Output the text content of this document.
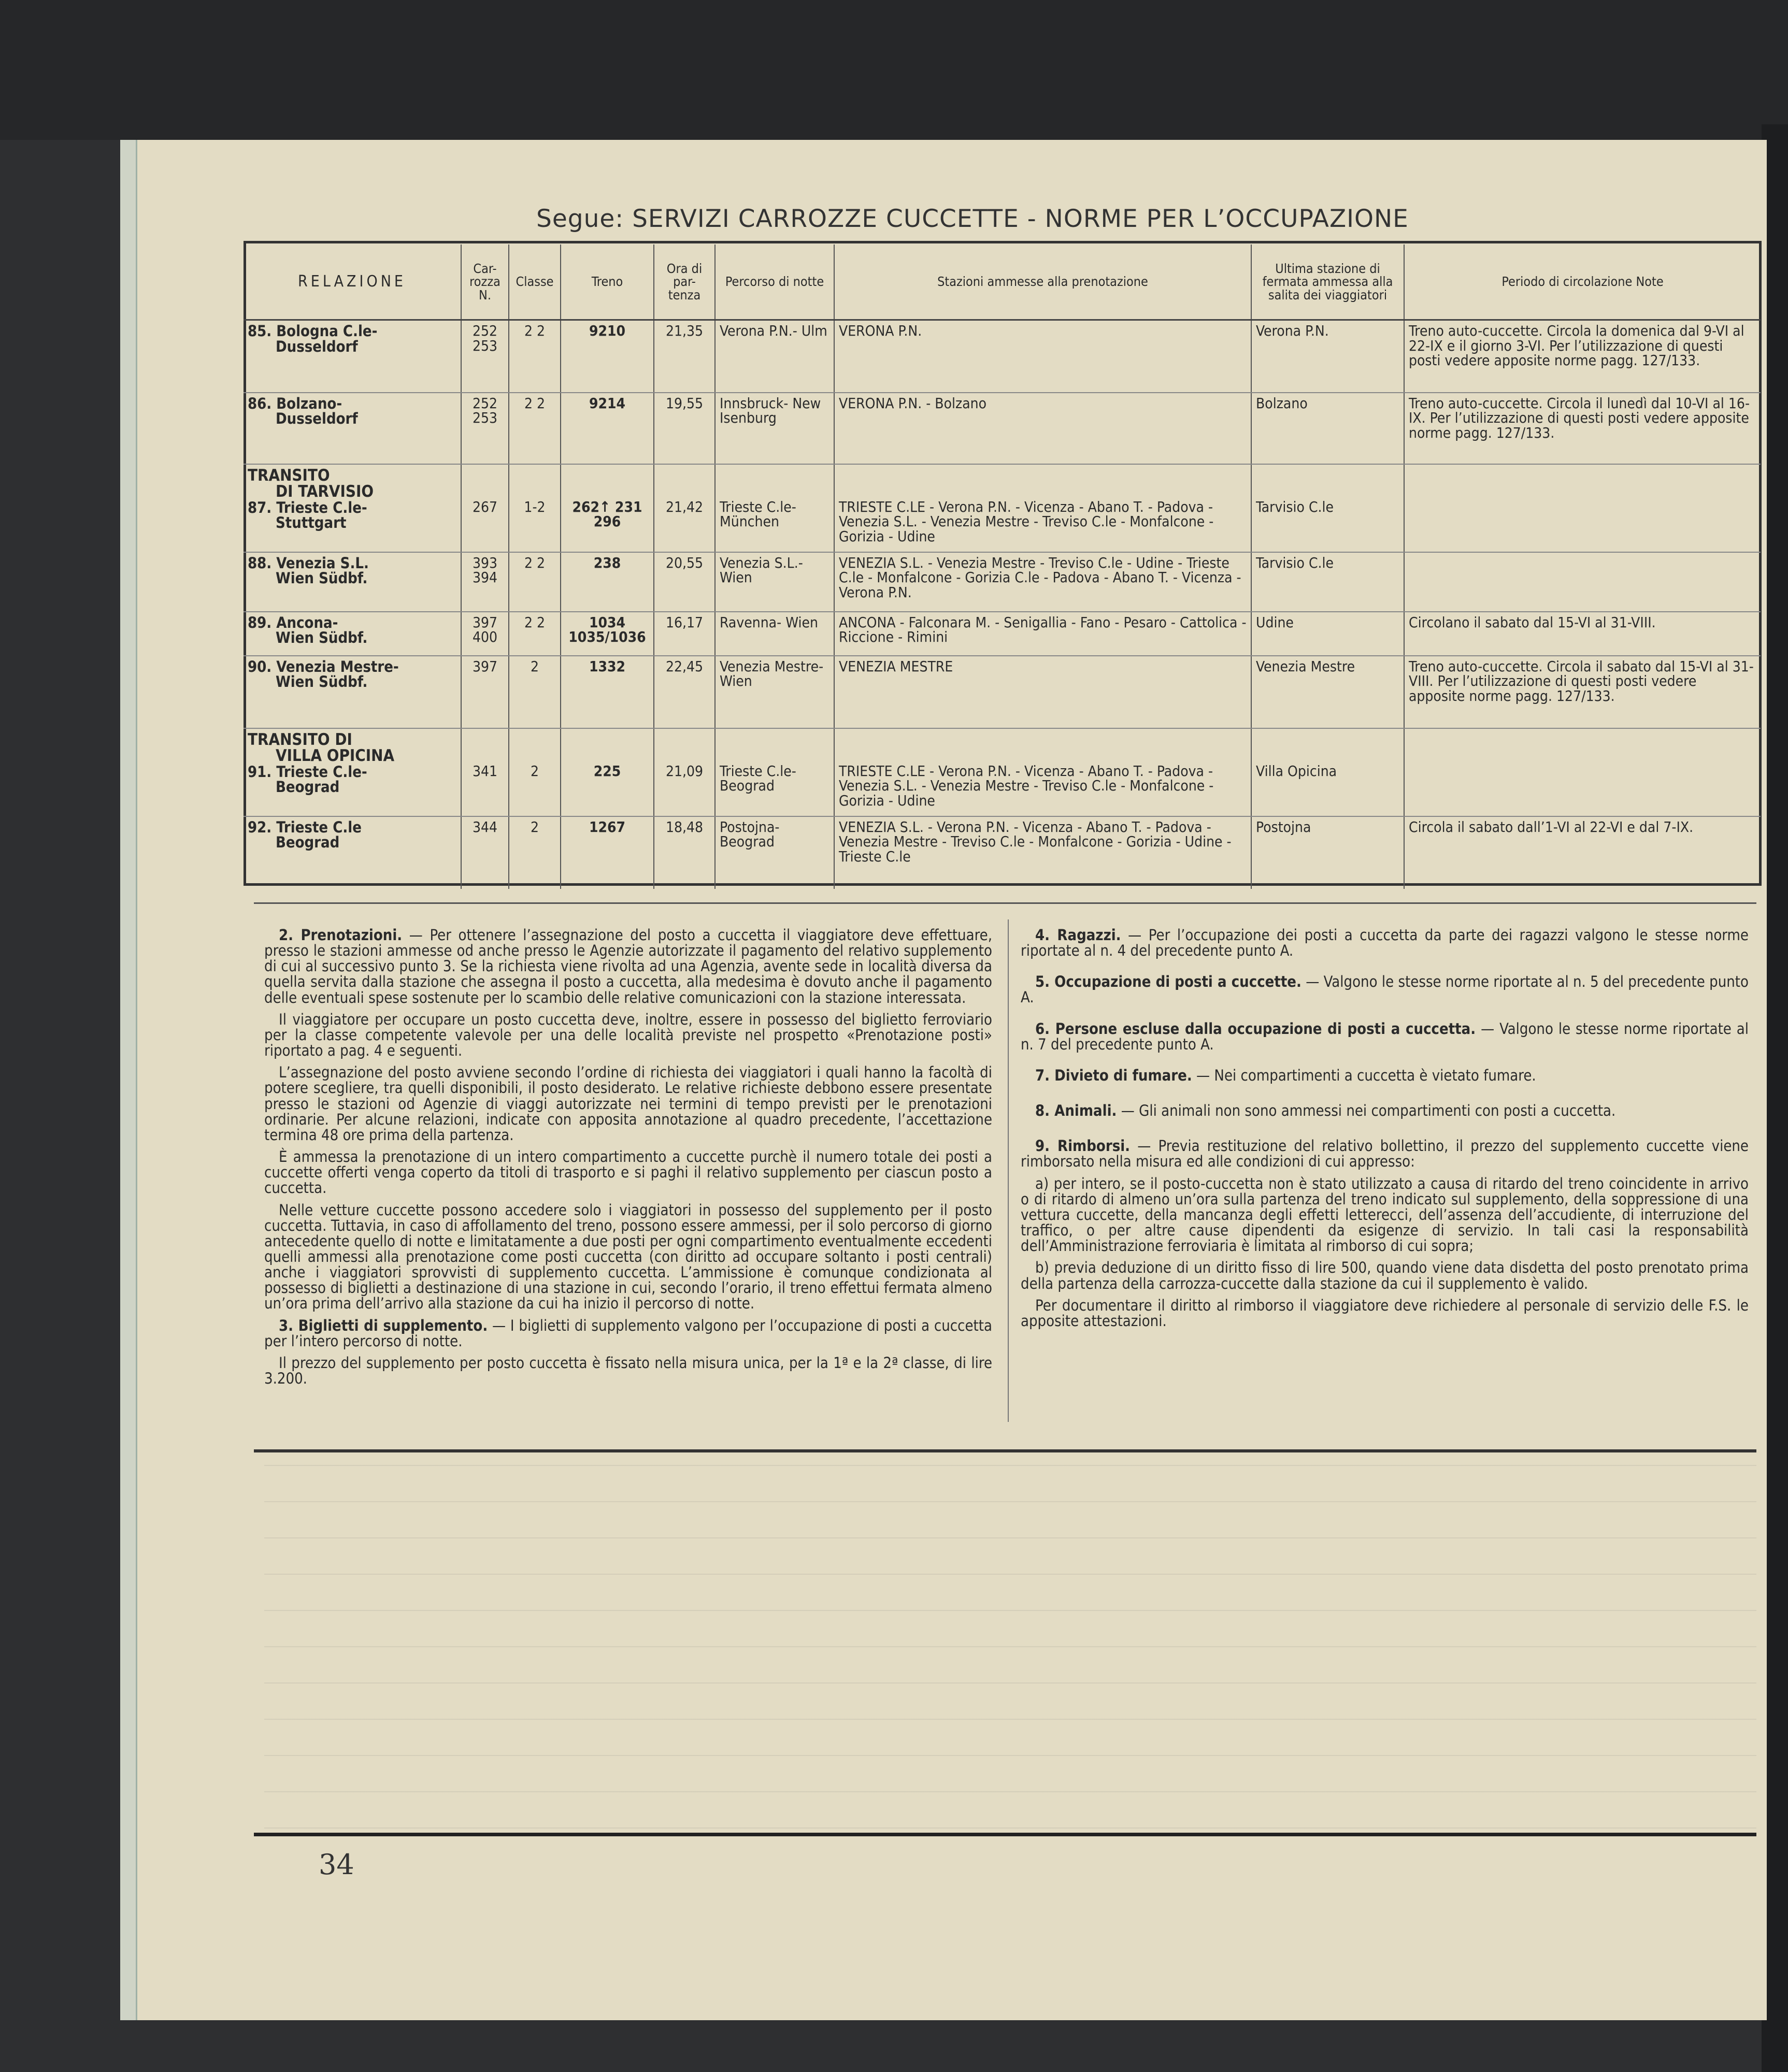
Segue: SERVIZI CARROZZE CUCCETTE - NORME PER L’OCCUPAZIONE
RELAZIONE	Car-rozza N.	Classe	Treno	Ora di par-tenza	Percorso di notte	Stazioni ammesse alla prenotazione	Ultima stazione di fermata ammessa alla salita dei viaggiatori	Periodo di circolazione Note
85. Bologna C.le-
Dusseldorf	252 253	2 2	9210	21,35	Verona P.N.- Ulm	VERONA P.N.	Verona P.N.	Treno auto-cuccette. Circola la domenica dal 9-VI al 22-IX e il giorno 3-VI. Per l’utilizzazione di questi posti vedere apposite norme pagg. 127/133.
86. Bolzano-
Dusseldorf	252 253	2 2	9214	19,55	Innsbruck- New Isenburg	VERONA P.N. - Bolzano	Bolzano	Treno auto-cuccette. Circola il lunedì dal 10-VI al 16-IX. Per l’utilizzazione di questi posti vedere apposite norme pagg. 127/133.

TRANSITO
DI TARVISIO
87. Trieste C.le-
Stuttgart	267	1-2	262↑ 231 296	21,42	Trieste C.le- München	TRIESTE C.LE - Verona P.N. - Vicenza - Abano T. - Padova - Venezia S.L. - Venezia Mestre - Treviso C.le - Monfalcone - Gorizia - Udine	Tarvisio C.le	
88. Venezia S.L.
Wien Südbf.	393 394	2 2	238	20,55	Venezia S.L.- Wien	VENEZIA S.L. - Venezia Mestre - Treviso C.le - Udine - Trieste C.le - Monfalcone - Gorizia C.le - Padova - Abano T. - Vicenza - Verona P.N.	Tarvisio C.le	
89. Ancona-
Wien Südbf.	397 400	2 2	1034 1035/1036	16,17	Ravenna- Wien	ANCONA - Falconara M. - Senigallia - Fano - Pesaro - Cattolica - Riccione - Rimini	Udine	Circolano il sabato dal 15-VI al 31-VIII.
90. Venezia Mestre-
Wien Südbf.	397	2	1332	22,45	Venezia Mestre-Wien	VENEZIA MESTRE	Venezia Mestre	Treno auto-cuccette. Circola il sabato dal 15-VI al 31-VIII. Per l’utilizzazione di questi posti vedere apposite norme pagg. 127/133.

TRANSITO DI
VILLA OPICINA
91. Trieste C.le-
Beograd	341	2	225	21,09	Trieste C.le- Beograd	TRIESTE C.LE - Verona P.N. - Vicenza - Abano T. - Padova - Venezia S.L. - Venezia Mestre - Treviso C.le - Monfalcone - Gorizia - Udine	Villa Opicina	
92. Trieste C.le
Beograd	344	2	1267	18,48	Postojna- Beograd	VENEZIA S.L. - Verona P.N. - Vicenza - Abano T. - Padova - Venezia Mestre - Treviso C.le - Monfalcone - Gorizia - Udine - Trieste C.le	Postojna	Circola il sabato dall’1-VI al 22-VI e dal 7-IX.

2. Prenotazioni. — Per ottenere l’assegnazione del posto a cuccetta il viaggiatore deve effettuare, presso le stazioni ammesse od anche presso le Agenzie autorizzate il pagamento del relativo supplemento di cui al successivo punto 3. Se la richiesta viene rivolta ad una Agenzia, avente sede in località diversa da quella servita dalla stazione che assegna il posto a cuccetta, alla medesima è dovuto anche il pagamento delle eventuali spese sostenute per lo scambio delle relative comunicazioni con la stazione interessata.

Il viaggiatore per occupare un posto cuccetta deve, inoltre, essere in possesso del biglietto ferroviario per la classe competente valevole per una delle località previste nel prospetto «Prenotazione posti» riportato a pag. 4 e seguenti.

L’assegnazione del posto avviene secondo l’ordine di richiesta dei viaggiatori i quali hanno la facoltà di potere scegliere, tra quelli disponibili, il posto desiderato. Le relative richieste debbono essere presentate presso le stazioni od Agenzie di viaggi autorizzate nei termini di tempo previsti per le prenotazioni ordinarie. Per alcune relazioni, indicate con apposita annotazione al quadro precedente, l’accettazione termina 48 ore prima della partenza.

È ammessa la prenotazione di un intero compartimento a cuccette purchè il numero totale dei posti a cuccette offerti venga coperto da titoli di trasporto e si paghi il relativo supplemento per ciascun posto a cuccetta.

Nelle vetture cuccette possono accedere solo i viaggiatori in possesso del supplemento per il posto cuccetta. Tuttavia, in caso di affollamento del treno, possono essere ammessi, per il solo percorso di giorno antecedente quello di notte e limitatamente a due posti per ogni compartimento eventualmente eccedenti quelli ammessi alla prenotazione come posti cuccetta (con diritto ad occupare soltanto i posti centrali) anche i viaggiatori sprovvisti di supplemento cuccetta. L’ammissione è comunque condizionata al possesso di biglietti a destinazione di una stazione in cui, secondo l’orario, il treno effettui fermata almeno un’ora prima dell’arrivo alla stazione da cui ha inizio il percorso di notte.

3. Biglietti di supplemento. — I biglietti di supplemento valgono per l’occupazione di posti a cuccetta per l’intero percorso di notte.

Il prezzo del supplemento per posto cuccetta è fissato nella misura unica, per la 1ª e la 2ª classe, di lire 3.200.

4. Ragazzi. — Per l’occupazione dei posti a cuccetta da parte dei ragazzi valgono le stesse norme riportate al n. 4 del precedente punto A.

5. Occupazione di posti a cuccette. — Valgono le stesse norme riportate al n. 5 del precedente punto A.

6. Persone escluse dalla occupazione di posti a cuccetta. — Valgono le stesse norme riportate al n. 7 del precedente punto A.

7. Divieto di fumare. — Nei compartimenti a cuccetta è vietato fumare.

8. Animali. — Gli animali non sono ammessi nei compartimenti con posti a cuccetta.

9. Rimborsi. — Previa restituzione del relativo bollettino, il prezzo del supplemento cuccette viene rimborsato nella misura ed alle condizioni di cui appresso:

a) per intero, se il posto-cuccetta non è stato utilizzato a causa di ritardo del treno coincidente in arrivo o di ritardo di almeno un’ora sulla partenza del treno indicato sul supplemento, della soppressione di una vettura cuccette, della mancanza degli effetti letterecci, dell’assenza dell’accudiente, di interruzione del traffico, o per altre cause dipendenti da esigenze di servizio. In tali casi la responsabilità dell’Amministrazione ferroviaria è limitata al rimborso di cui sopra;

b) previa deduzione di un diritto fisso di lire 500, quando viene data disdetta del posto prenotato prima della partenza della carrozza-cuccette dalla stazione da cui il supplemento è valido.

Per documentare il diritto al rimborso il viaggiatore deve richiedere al personale di servizio delle F.S. le apposite attestazioni.

34
